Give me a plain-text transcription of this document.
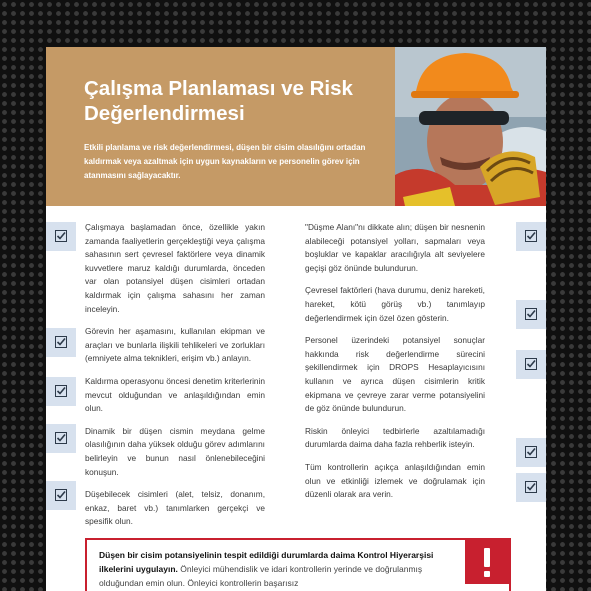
Çalışma Planlaması ve Risk Değerlendirmesi

Etkili planlama ve risk değerlendirmesi, düşen bir cisim olasılığını ortadan kaldırmak veya azaltmak için uygun kaynakların ve personelin görev için atanmasını sağlayacaktır.

Çalışmaya başlamadan önce, özellikle yakın zamanda faaliyetlerin gerçekleştiği veya çalışma sahasının sert çevresel faktörlere veya dinamik kuvvetlere maruz kaldığı durumlarda, önceden var olan potansiyel düşen cisimleri ortadan kaldırmak için çalışma sahasını her zaman inceleyin.

Görevin her aşamasını, kullanılan ekipman ve araçları ve bunlarla ilişkili tehlikeleri ve zorlukları (emniyete alma teknikleri, erişim vb.) anlayın.

Kaldırma operasyonu öncesi denetim kriterlerinin mevcut olduğundan ve anlaşıldığından emin olun.

Dinamik bir düşen cismin meydana gelme olasılığının daha yüksek olduğu görev adımlarını belirleyin ve bunun nasıl önlenebileceğini konuşun.

Düşebilecek cisimleri (alet, telsiz, donanım, enkaz, baret vb.) tanımlarken gerçekçi ve spesifik olun.

"Düşme Alanı"nı dikkate alın; düşen bir nesnenin alabileceği potansiyel yolları, sapmaları veya boşluklar ve kapaklar aracılığıyla alt seviyelere geçişi göz önünde bulundurun.

Çevresel faktörleri (hava durumu, deniz hareketi, hareket, kötü görüş vb.) tanımlayıp değerlendirmek için özel özen gösterin.

Personel üzerindeki potansiyel sonuçlar hakkında risk değerlendirme sürecini şekillendirmek için DROPS Hesaplayıcısını kullanın ve ayrıca düşen cisimlerin kritik ekipmana ve çevreye zarar verme potansiyelini de göz önünde bulundurun.

Riskin önleyici tedbirlerle azaltılamadığı durumlarda daima daha fazla rehberlik isteyin.

Tüm kontrollerin açıkça anlaşıldığından emin olun ve etkinliği izlemek ve doğrulamak için düzenli olarak ara verin.

Düşen bir cisim potansiyelinin tespit edildiği durumlarda daima Kontrol Hiyerarşisi ilkelerini uygulayın. Önleyici mühendislik ve idari kontrollerin yerinde ve doğrulanmış olduğundan emin olun. Önleyici kontrollerin başarısız
